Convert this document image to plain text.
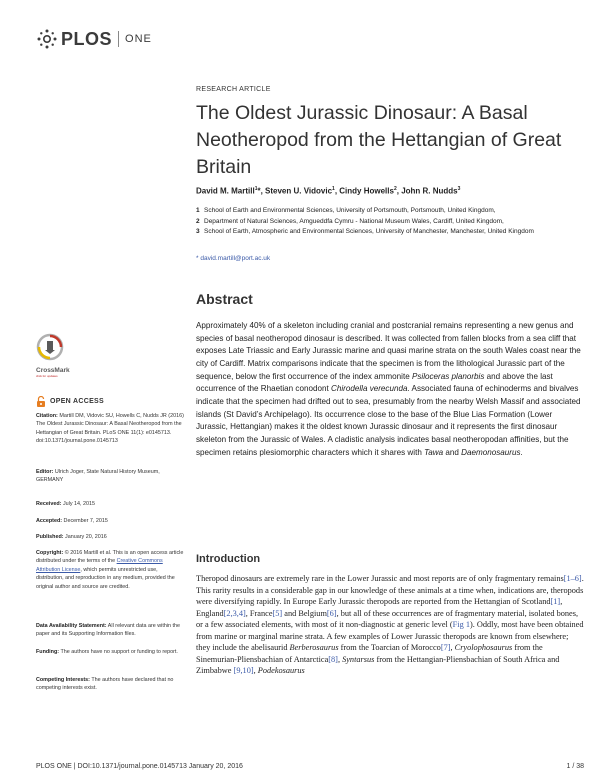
PLOS ONE
RESEARCH ARTICLE
The Oldest Jurassic Dinosaur: A Basal Neotheropod from the Hettangian of Great Britain
David M. Martill$^1$*, Steven U. Vidovic$^1$, Cindy Howells$^2$, John R. Nudds$^3$
1 School of Earth and Environmental Sciences, University of Portsmouth, Portsmouth, United Kingdom,
2 Department of Natural Sciences, Amgueddfa Cymru - National Museum Wales, Cardiff, United Kingdom,
3 School of Earth, Atmospheric and Environmental Sciences, University of Manchester, Manchester, United Kingdom
* david.martill@port.ac.uk
CrossMark
click for updates
OPEN ACCESS
Citation: Martill DM, Vidovic SU, Howells C, Nudds JR (2016) The Oldest Jurassic Dinosaur: A Basal Neotheropod from the Hettangian of Great Britain. PLoS ONE 11(1): e0145713. doi:10.1371/journal.pone.0145713
Editor: Ulrich Joger, State Natural History Museum, GERMANY
Received: July 14, 2015
Accepted: December 7, 2015
Published: January 20, 2016
Copyright: © 2016 Martill et al. This is an open access article distributed under the terms of the Creative Commons Attribution License, which permits unrestricted use, distribution, and reproduction in any medium, provided the original author and source are credited.
Data Availability Statement: All relevant data are within the paper and its Supporting Information files.
Funding: The authors have no support or funding to report.
Competing Interests: The authors have declared that no competing interests exist.
Abstract

Approximately 40% of a skeleton including cranial and postcranial remains representing a new genus and species of basal neotheropod dinosaur is described. It was collected from fallen blocks from a sea cliff that exposes Late Triassic and Early Jurassic marine and quasi marine strata on the south Wales coast near the city of Cardiff. Matrix comparisons indicate that the specimen is from the lithological Jurassic part of the sequence, below the first occurrence of the index ammonite Psiloceras planorbis and above the last occurrence of the Rhaetian conodont Chirodella verecunda. Associated fauna of echinoderms and bivalves indicate that the specimen had drifted out to sea, presumably from the nearby Welsh Massif and associated islands (St David’s Archipelago). Its occurrence close to the base of the Blue Lias Formation (Lower Jurassic, Hettangian) makes it the oldest known Jurassic dinosaur and it represents the first dinosaur skeleton from the Jurassic of Wales. A cladistic analysis indicates basal neotheropodan affinities, but the specimen retains plesiomorphic characters which it shares with Tawa and Daemonosaurus.

Introduction

Theropod dinosaurs are extremely rare in the Lower Jurassic and most reports are of only fragmentary remains[1–6]. This rarity results in a considerable gap in our knowledge of these animals at a time when, indications are, theropods were diversifying rapidly. In Europe Early Jurassic theropods are reported from the Hettangian of Scotland[1], England[2,3,4], France[5] and Belgium[6], but all of these occurrences are of fragmentary material, isolated bones, or a few associated elements, with most of it non-diagnostic at generic level (Fig 1). Oddly, most have been obtained from marine or marginal marine strata. A few examples of Lower Jurassic theropods are known from elsewhere; they include the abelisaurid Berberosaurus from the Toarcian of Morocco[7], Cryolophosaurus from the Sinemurian-Pliensbachian of Antarctica[8], Syntarsus from the Hettangian-Pliensbachian of South Africa and Zimbabwe [9,10], Podekosaurus

PLOS ONE | DOI:10.1371/journal.pone.0145713 January 20, 2016	1 / 38
